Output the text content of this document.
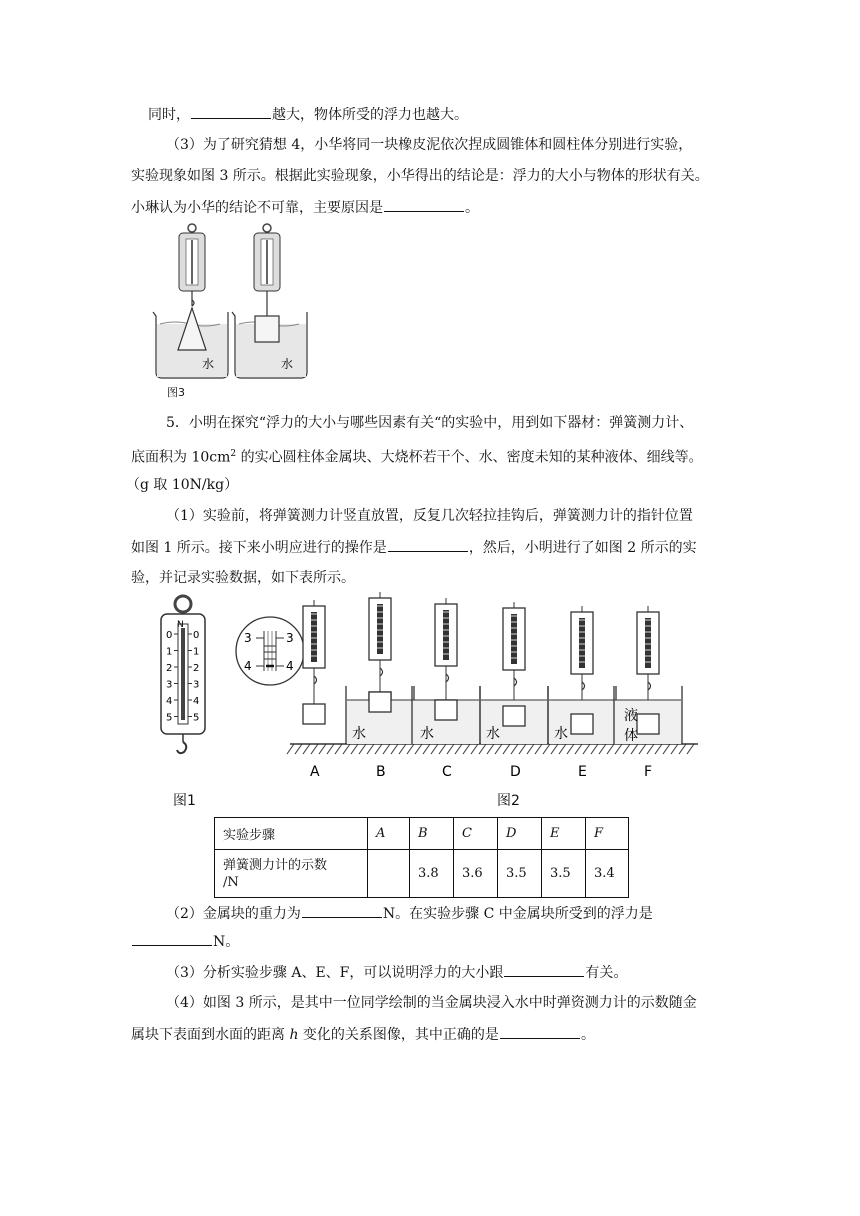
同时，	越大，物体所受的浮力也越大。
（3）为了研究猜想 4，小华将同一块橡皮泥依次捏成圆锥体和圆柱体分别进行实验，
实验现象如图 3 所示。根据此实验现象，小华得出的结论是：浮力的大小与物体的形状有关。
小琳认为小华的结论不可靠，主要原因是	。
水	水
图3
5．小明在探究“浮力的大小与哪些因素有关“的实验中，用到如下器材：弹簧测力计、
底面积为 $10cm^2$ 的实心圆柱体金属块、大烧杯若干个、水、密度未知的某种液体、细线等。
（g 取 10N/kg）
（1）实验前，将弹簧测力计竖直放置，反复几次轻拉挂钩后，弹簧测力计的指针位置
如图 1 所示。接下来小明应进行的操作是	，然后，小明进行了如图 2 所示的实
验，并记录实验数据，如下表所示。
N
0
1
2
3
4
5
0
1
2
3
4
5
图1
3	3
4	4
水	水	水	水
液
体
A	B	C	D	E	F
图2
实验步骤	A	B	C	D	E	F
弹簧测力计的示数
/N		3.8	3.6	3.5	3.5	3.4
（2）金属块的重力为	N。在实验步骤 C 中金属块所受到的浮力是
N。
（3）分析实验步骤 A、E、F，可以说明浮力的大小跟	有关。
（4）如图 3 所示，是其中一位同学绘制的当金属块浸入水中时弹资测力计的示数随金
属块下表面到水面的距离 h 变化的关系图像，其中正确的是	。
